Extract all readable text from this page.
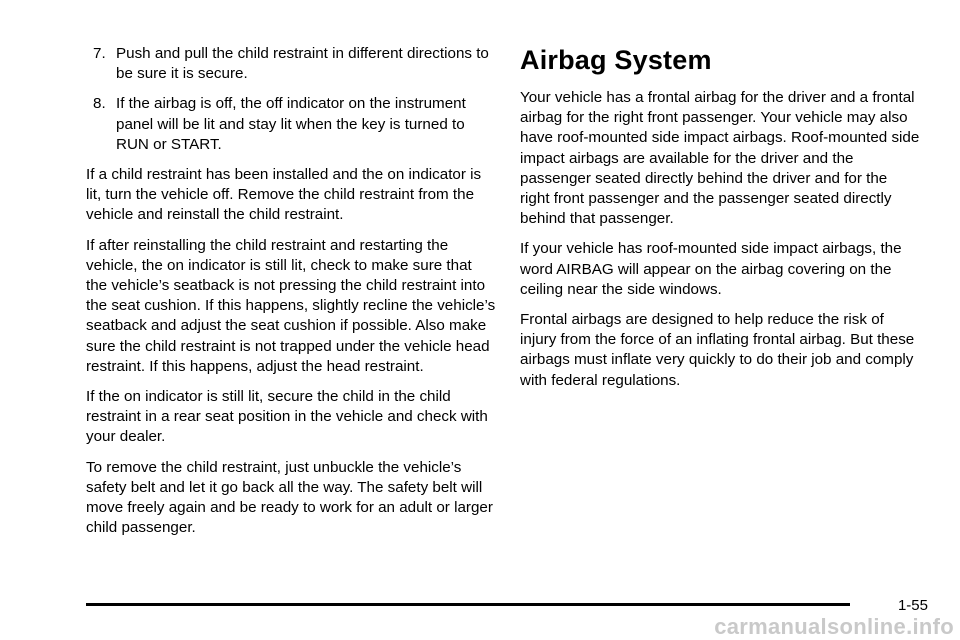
7. Push and pull the child restraint in different directions to be sure it is secure.
8. If the airbag is off, the off indicator on the instrument panel will be lit and stay lit when the key is turned to RUN or START.

If a child restraint has been installed and the on indicator is lit, turn the vehicle off. Remove the child restraint from the vehicle and reinstall the child restraint.

If after reinstalling the child restraint and restarting the vehicle, the on indicator is still lit, check to make sure that the vehicle’s seatback is not pressing the child restraint into the seat cushion. If this happens, slightly recline the vehicle’s seatback and adjust the seat cushion if possible. Also make sure the child restraint is not trapped under the vehicle head restraint. If this happens, adjust the head restraint.

If the on indicator is still lit, secure the child in the child restraint in a rear seat position in the vehicle and check with your dealer.

To remove the child restraint, just unbuckle the vehicle’s safety belt and let it go back all the way. The safety belt will move freely again and be ready to work for an adult or larger child passenger.

Airbag System

Your vehicle has a frontal airbag for the driver and a frontal airbag for the right front passenger. Your vehicle may also have roof-mounted side impact airbags. Roof-mounted side impact airbags are available for the driver and the passenger seated directly behind the driver and for the right front passenger and the passenger seated directly behind that passenger.

If your vehicle has roof-mounted side impact airbags, the word AIRBAG will appear on the airbag covering on the ceiling near the side windows.

Frontal airbags are designed to help reduce the risk of injury from the force of an inflating frontal airbag. But these airbags must inflate very quickly to do their job and comply with federal regulations.

1-55
carmanualsonline.info
